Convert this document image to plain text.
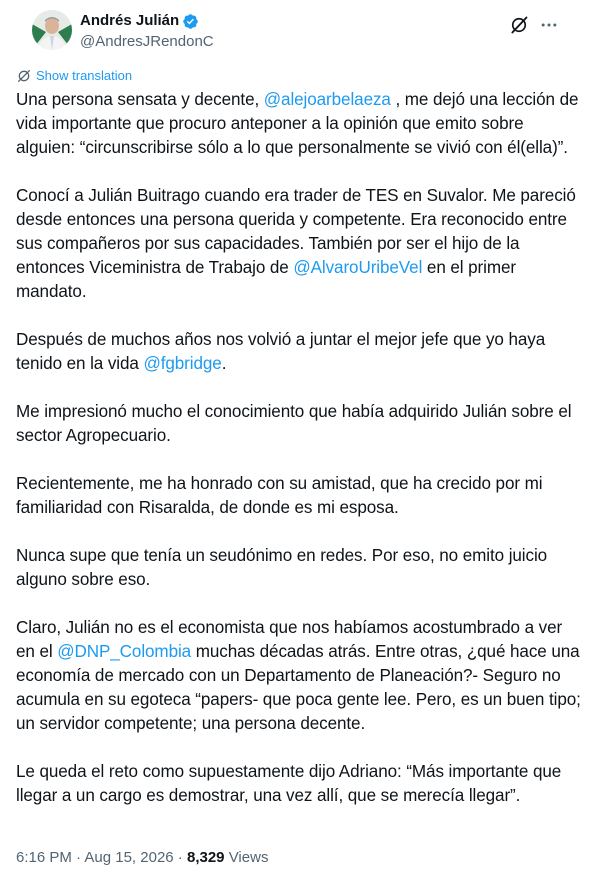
Andrés Julián
@AndresJRendonC
Show translation

Una persona sensata y decente, @alejoarbelaeza , me dejó una lección de vida importante que procuro anteponer a la opinión que emito sobre alguien: “circunscribirse sólo a lo que personalmente se vivió con él(ella)”.

Conocí a Julián Buitrago cuando era trader de TES en Suvalor. Me pareció desde entonces una persona querida y competente. Era reconocido entre sus compañeros por sus capacidades. También por ser el hijo de la entonces Viceministra de Trabajo de @AlvaroUribeVel en el primer mandato.

Después de muchos años nos volvió a juntar el mejor jefe que yo haya tenido en la vida @fgbridge.

Me impresionó mucho el conocimiento que había adquirido Julián sobre el sector Agropecuario.

Recientemente, me ha honrado con su amistad, que ha crecido por mi familiaridad con Risaralda, de donde es mi esposa.

Nunca supe que tenía un seudónimo en redes. Por eso, no emito juicio alguno sobre eso.

Claro, Julián no es el economista que nos habíamos acostumbrado a ver en el @DNP_Colombia muchas décadas atrás. Entre otras, ¿qué hace una economía de mercado con un Departamento de Planeación?- Seguro no acumula en su egoteca “papers- que poca gente lee. Pero, es un buen tipo; un servidor competente; una persona decente.

Le queda el reto como supuestamente dijo Adriano: “Más importante que llegar a un cargo es demostrar, una vez allí, que se merecía llegar”.

6:16 PM · Aug 15, 2026 · 8,329 Views
